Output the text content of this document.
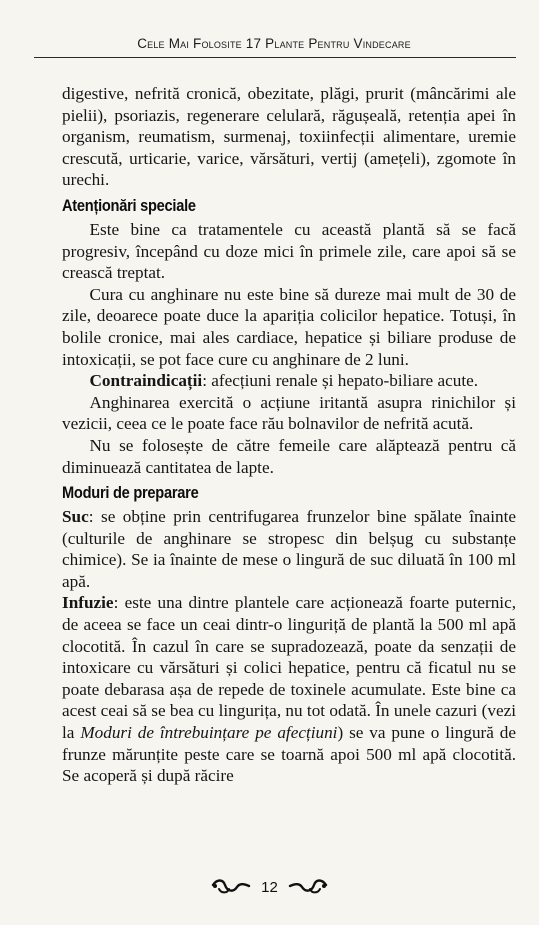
Cele Mai Folosite 17 Plante Pentru Vindecare

digestive, nefrită cronică, obezitate, plăgi, prurit (mâncărimi ale pielii), psoriazis, regenerare celulară, răgușeală, retenția apei în organism, reumatism, surmenaj, toxiinfecții alimentare, uremie crescută, urticarie, varice, vărsături, vertij (amețeli), zgomote în urechi.

Atenționări speciale

Este bine ca tratamentele cu această plantă să se facă progresiv, începând cu doze mici în primele zile, care apoi să se crească treptat.

Cura cu anghinare nu este bine să dureze mai mult de 30 de zile, deoarece poate duce la apariția colicilor hepatice. Totuși, în bolile cronice, mai ales cardiace, hepatice și biliare produse de intoxicații, se pot face cure cu anghinare de 2 luni.

Contraindicații: afecțiuni renale și hepato-biliare acute.

Anghinarea exercită o acțiune iritantă asupra rinichilor și vezicii, ceea ce le poate face rău bolnavilor de nefrită acută.

Nu se folosește de către femeile care alăptează pentru că diminuează cantitatea de lapte.

Moduri de preparare

Suc: se obține prin centrifugarea frunzelor bine spălate înainte (culturile de anghinare se stropesc din belșug cu substanțe chimice). Se ia înainte de mese o lingură de suc diluată în 100 ml apă.

Infuzie: este una dintre plantele care acționează foarte puternic, de aceea se face un ceai dintr-o linguriță de plantă la 500 ml apă clocotită. În cazul în care se supradozează, poate da senzații de intoxicare cu vărsături și colici hepatice, pentru că ficatul nu se poate debarasa așa de repede de toxinele acumulate. Este bine ca acest ceai să se bea cu lingurița, nu tot odată. În unele cazuri (vezi la Moduri de întrebuințare pe afecțiuni) se va pune o lingură de frunze mărunțite peste care se toarnă apoi 500 ml apă clocotită. Se acoperă și după răcire

12
